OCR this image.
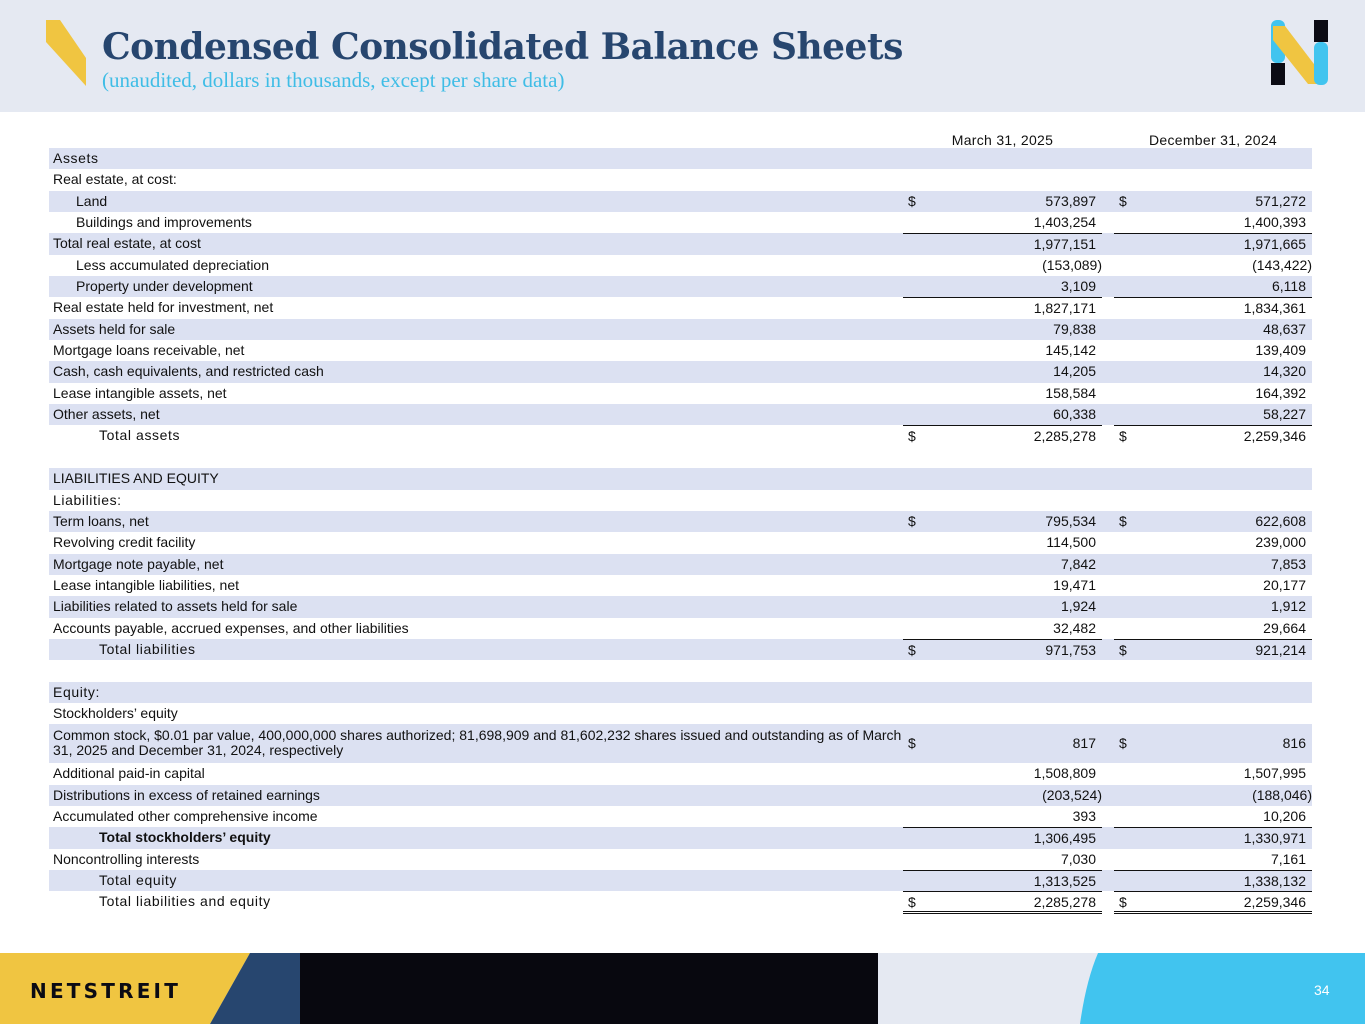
Condensed Consolidated Balance Sheets
(unaudited, dollars in thousands, except per share data)
March 31, 2025	December 31, 2024
Assets
Real estate, at cost:
Land	$	573,897 $	571,272
Buildings and improvements	1,403,254	1,400,393
Total real estate, at cost	1,977,151	1,971,665
Less accumulated depreciation	(153,089)	(143,422)
Property under development	3,109	6,118
Real estate held for investment, net	1,827,171	1,834,361
Assets held for sale	79,838	48,637
Mortgage loans receivable, net	145,142	139,409
Cash, cash equivalents, and restricted cash	14,205	14,320
Lease intangible assets, net	158,584	164,392
Other assets, net	60,338	58,227
Total assets	$	2,285,278 $	2,259,346
LIABILITIES AND EQUITY
Liabilities:
Term loans, net	$	795,534 $	622,608
Revolving credit facility	114,500	239,000
Mortgage note payable, net	7,842	7,853
Lease intangible liabilities, net	19,471	20,177
Liabilities related to assets held for sale	1,924	1,912
Accounts payable, accrued expenses, and other liabilities	32,482	29,664
Total liabilities	$	971,753 $	921,214
Equity:
Stockholders’ equity
Common stock, $0.01 par value, 400,000,000 shares authorized; 81,698,909 and 81,602,232 shares issued and outstanding as of March 31, 2025 and December 31, 2024, respectively	$	817 $	816
Additional paid-in capital	1,508,809	1,507,995
Distributions in excess of retained earnings	(203,524)	(188,046)
Accumulated other comprehensive income	393	10,206
Total stockholders’ equity	1,306,495	1,330,971
Noncontrolling interests	7,030	7,161
Total equity	1,313,525	1,338,132
Total liabilities and equity	$	2,285,278 $	2,259,346
NETSTREIT	34
